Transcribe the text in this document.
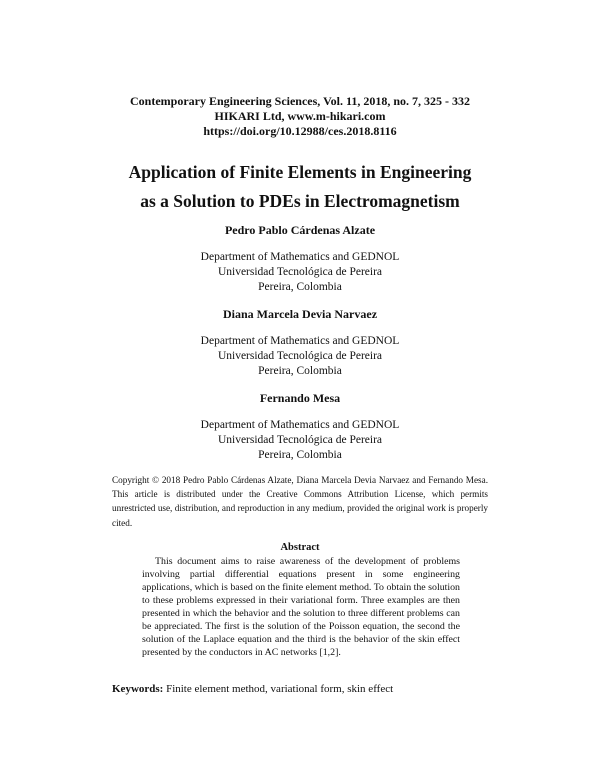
Contemporary Engineering Sciences, Vol. 11, 2018, no. 7, 325 - 332
HIKARI Ltd, www.m-hikari.com
https://doi.org/10.12988/ces.2018.8116
Application of Finite Elements in Engineering
as a Solution to PDEs in Electromagnetism
Pedro Pablo Cárdenas Alzate
Department of Mathematics and GEDNOL
Universidad Tecnológica de Pereira
Pereira, Colombia
Diana Marcela Devia Narvaez
Department of Mathematics and GEDNOL
Universidad Tecnológica de Pereira
Pereira, Colombia
Fernando Mesa
Department of Mathematics and GEDNOL
Universidad Tecnológica de Pereira
Pereira, Colombia

Copyright © 2018 Pedro Pablo Cárdenas Alzate, Diana Marcela Devia Narvaez and Fernando Mesa. This article is distributed under the Creative Commons Attribution License, which permits unrestricted use, distribution, and reproduction in any medium, provided the original work is properly cited.

Abstract

This document aims to raise awareness of the development of problems involving partial differential equations present in some engineering applications, which is based on the finite element method. To obtain the solution to these problems expressed in their variational form. Three examples are then presented in which the behavior and the solution to three different problems can be appreciated. The first is the solution of the Poisson equation, the second the solution of the Laplace equation and the third is the behavior of the skin effect presented by the conductors in AC networks [1,2].

Keywords: Finite element method, variational form, skin effect
